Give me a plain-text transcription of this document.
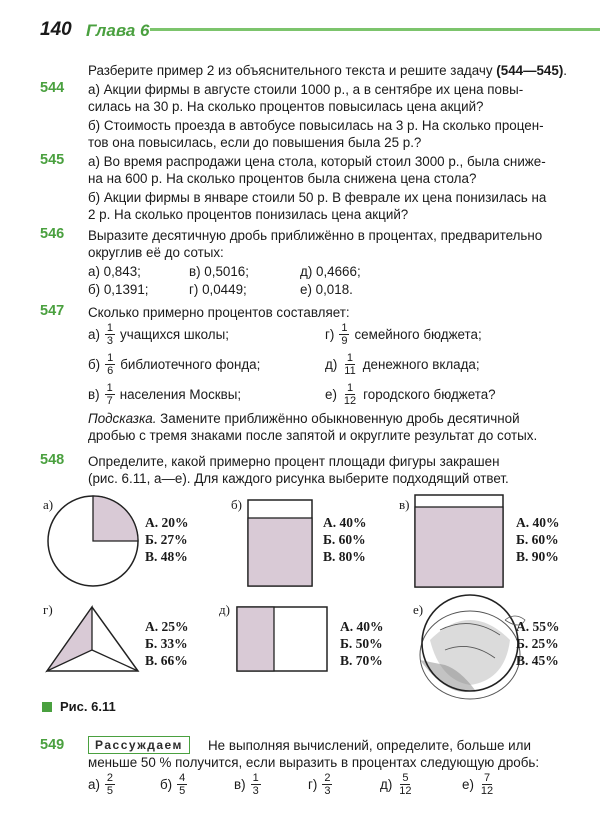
140 Глава 6
Разберите пример 2 из объяснительного текста и решите задачу (544—545).
544 а) Акции фирмы в августе стоили 1000 р., а в сентябре их цена повы-
силась на 30 р. На сколько процентов повысилась цена акций?
б) Стоимость проезда в автобусе повысилась на 3 р. На сколько процен-
тов она повысилась, если до повышения была 25 р.?
545 а) Во время распродажи цена стола, который стоил 3000 р., была сниже-
на на 600 р. На сколько процентов была снижена цена стола?
б) Акции фирмы в январе стоили 50 р. В феврале их цена понизилась на
2 р. На сколько процентов понизилась цена акций?
546 Выразите десятичную дробь приближённо в процентах, предварительно
округлив её до сотых:
а) 0,843;	в) 0,5016;	д) 0,4666;
б) 0,1391;	г) 0,0449;	е) 0,018.
547 Сколько примерно процентов составляет:
$а) \frac{1}{3}$ учащихся школы;	$г) \frac{1}{9}$ семейного бюджета;
$б) \frac{1}{6}$ библиотечного фонда;	$д) \frac{1}{11}$ денежного вклада;
$в) \frac{1}{7}$ населения Москвы;	$е) \frac{1}{12}$ городского бюджета?
Подсказка. Замените приближённо обыкновенную дробь десятичной
дробью с тремя знаками после запятой и округлите результат до сотых.
548 Определите, какой примерно процент площади фигуры закрашен
(рис. 6.11, а—е). Для каждого рисунка выберите подходящий ответ.
а)	б)	в)
г)	д)	е)
А. 20%
Б. 27%
В. 48%
А. 40%
Б. 60%
В. 80%
А. 40%
Б. 60%
В. 90%
А. 25%
Б. 33%
В. 66%
А. 40%
Б. 50%
В. 70%
А. 55%
Б. 25%
В. 45%
Рис. 6.11
549	Рассуждаем	Не выполняя вычислений, определите, больше или
меньше 50 % получится, если выразить в процентах следующую дробь:
$а) \frac{2}{5}$	$б) \frac{4}{5}$	$в) \frac{1}{3}$	$г) \frac{2}{3}$	$д) \frac{5}{12}$	$е) \frac{7}{12}$
